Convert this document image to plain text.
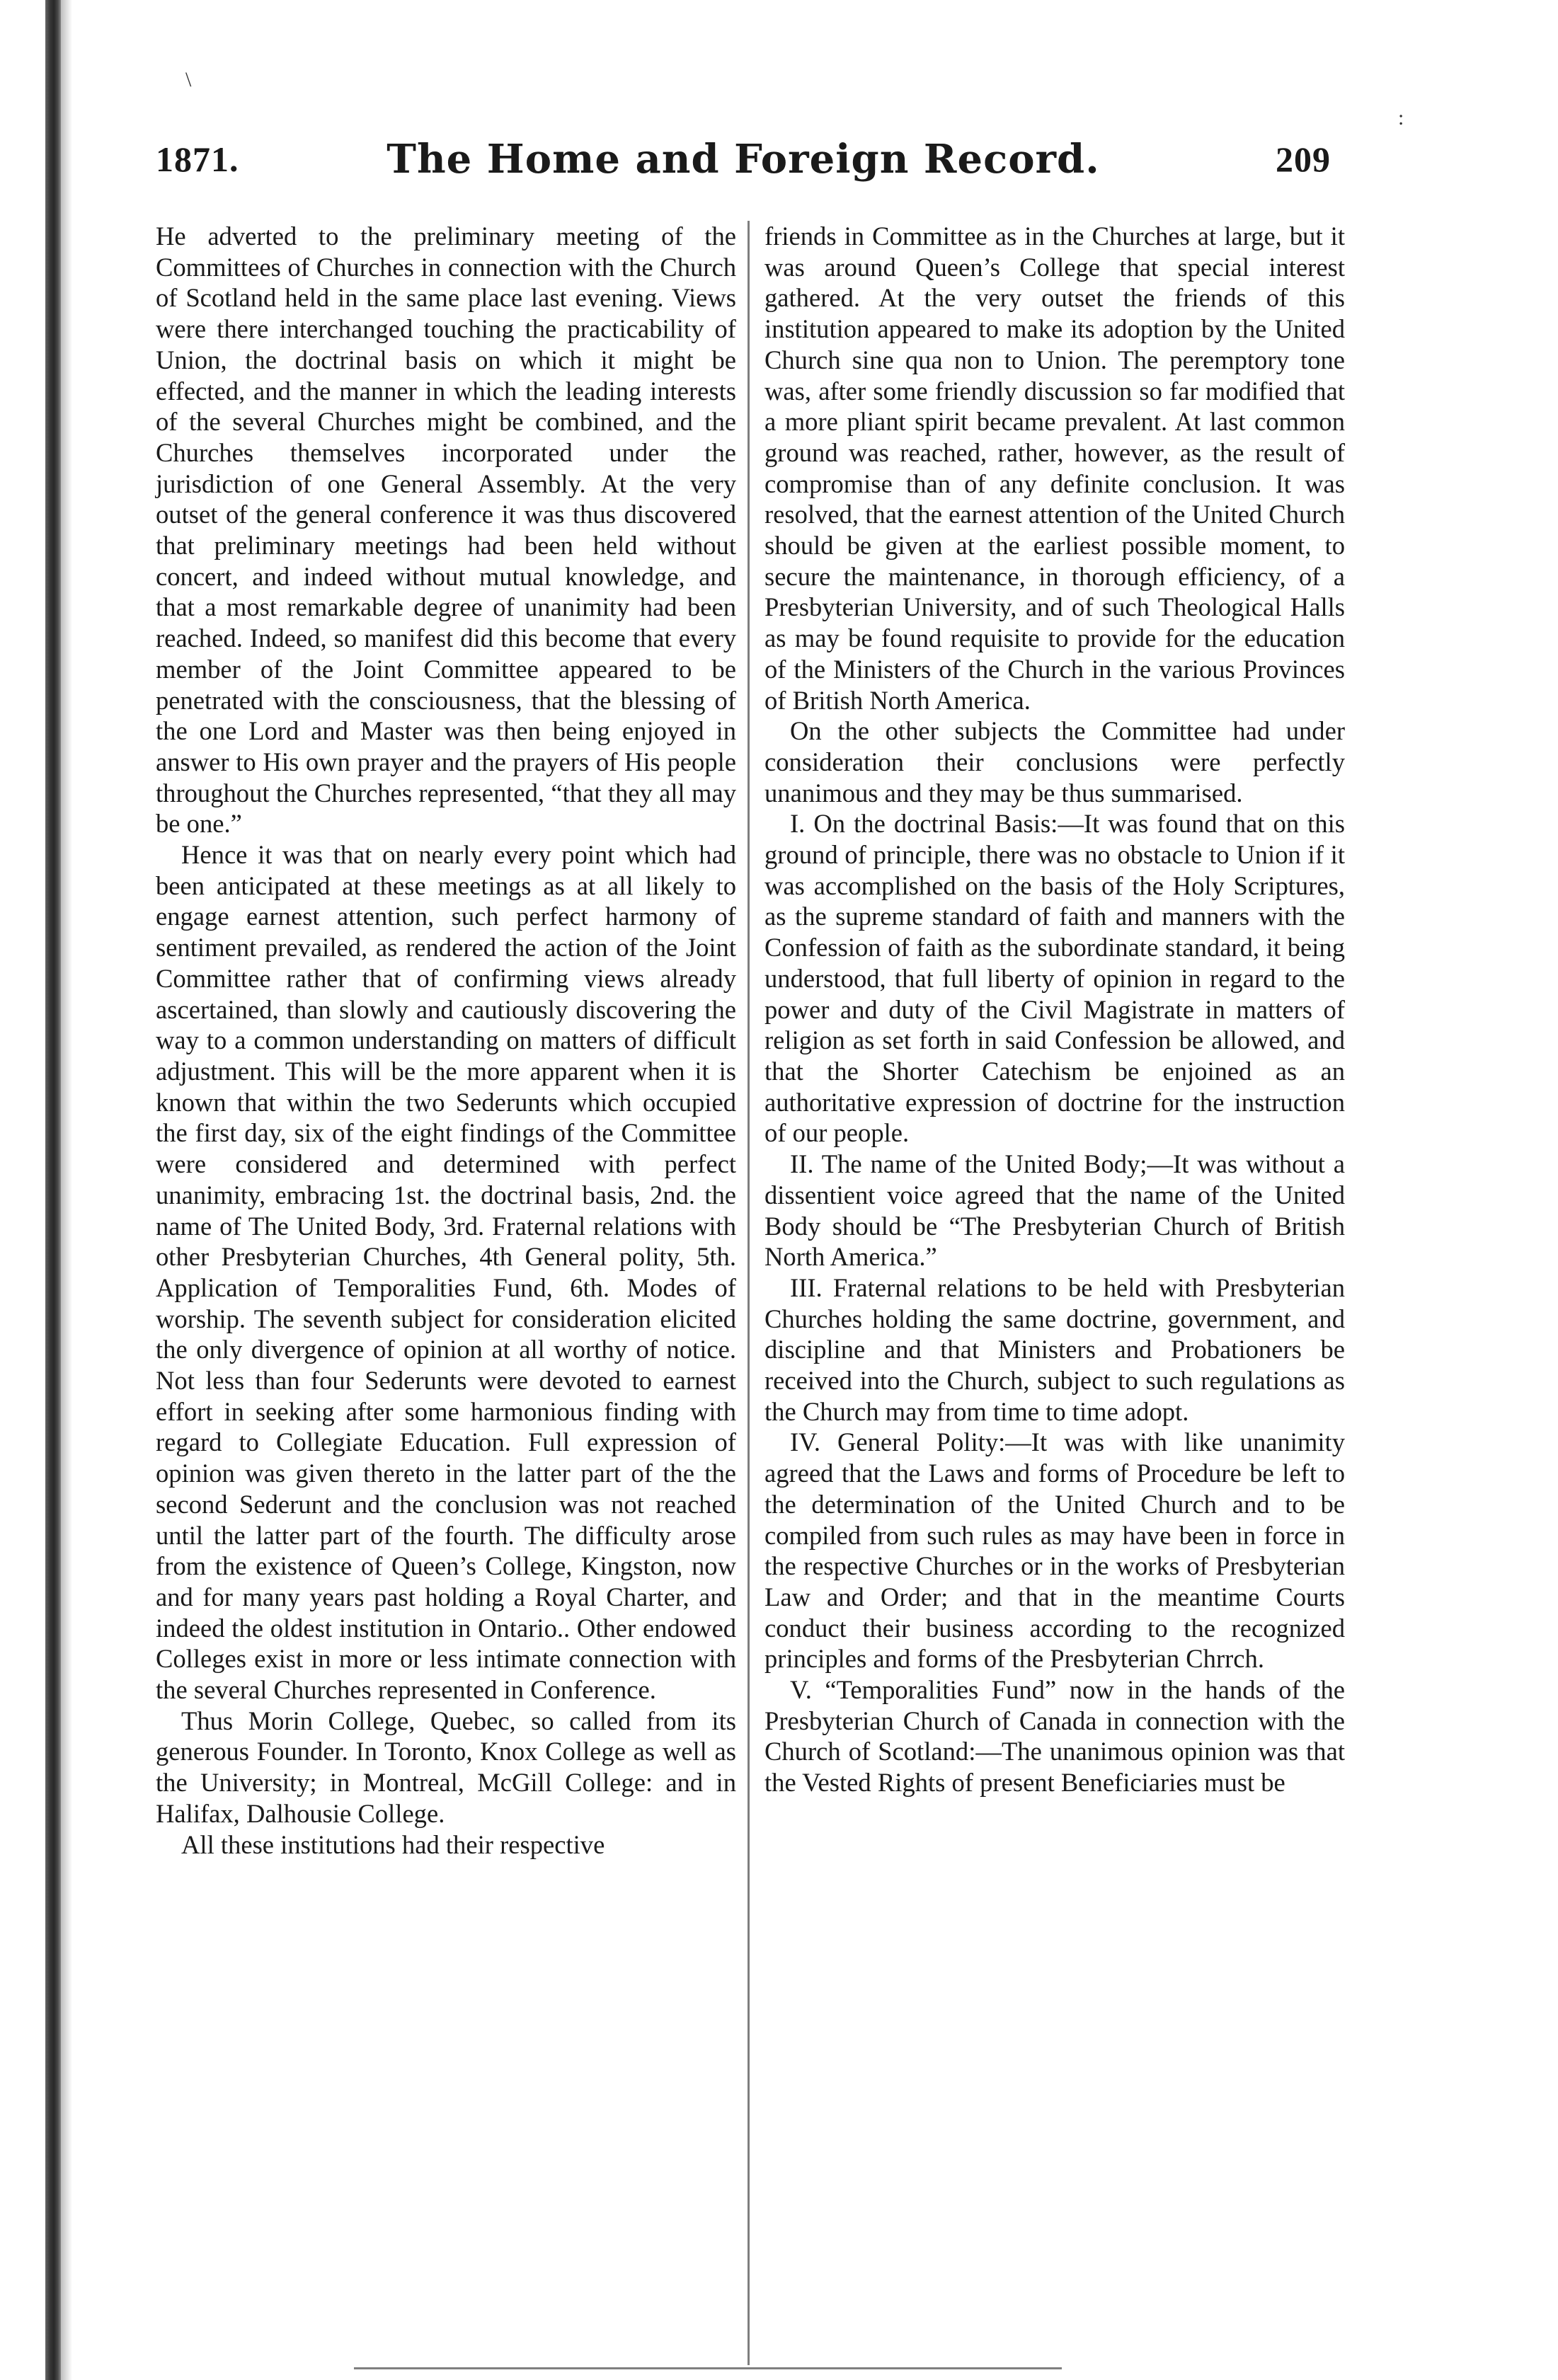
\
:
1871.	The Home and Foreign Record.	209

He adverted to the preliminary meeting of the Committees of Churches in connection with the Church of Scotland held in the same place last evening. Views were there interchanged touching the practicability of Union, the doctrinal basis on which it might be effected, and the manner in which the leading interests of the several Churches might be combined, and the Churches themselves incorporated under the jurisdiction of one General Assembly. At the very outset of the general conference it was thus discovered that preliminary meetings had been held without concert, and indeed without mutual knowledge, and that a most remarkable degree of unanimity had been reached. Indeed, so manifest did this become that every member of the Joint Committee appeared to be penetrated with the consciousness, that the blessing of the one Lord and Master was then being enjoyed in answer to His own prayer and the prayers of His people throughout the Churches represented, “that they all may be one.”

Hence it was that on nearly every point which had been anticipated at these meetings as at all likely to engage earnest attention, such perfect harmony of sentiment prevailed, as rendered the action of the Joint Committee rather that of confirming views already ascertained, than slowly and cautiously discovering the way to a common understanding on matters of difficult adjustment. This will be the more apparent when it is known that within the two Sederunts which occupied the first day, six of the eight findings of the Committee were considered and determined with perfect unanimity, embracing 1st. the doctrinal basis, 2nd. the name of The United Body, 3rd. Fraternal relations with other Presbyterian Churches, 4th General polity, 5th. Application of Temporalities Fund, 6th. Modes of worship. The seventh subject for consideration elicited the only divergence of opinion at all worthy of notice. Not less than four Sederunts were devoted to earnest effort in seeking after some harmonious finding with regard to Collegiate Education. Full expression of opinion was given thereto in the latter part of the the second Sederunt and the conclusion was not reached until the latter part of the fourth. The difficulty arose from the existence of Queen’s College, Kingston, now and for many years past holding a Royal Charter, and indeed the oldest institution in Ontario.. Other endowed Colleges exist in more or less intimate connection with the several Churches represented in Conference.

Thus Morin College, Quebec, so called from its generous Founder. In Toronto, Knox College as well as the University; in Montreal, McGill College: and in Halifax, Dalhousie College.

All these institutions had their respective

friends in Committee as in the Churches at large, but it was around Queen’s College that special interest gathered. At the very outset the friends of this institution appeared to make its adoption by the United Church sine qua non to Union. The peremptory tone was, after some friendly discussion so far modified that a more pliant spirit became prevalent. At last common ground was reached, rather, however, as the result of compromise than of any definite conclusion. It was resolved, that the earnest attention of the United Church should be given at the earliest possible moment, to secure the maintenance, in thorough efficiency, of a Presbyterian University, and of such Theological Halls as may be found requisite to provide for the education of the Ministers of the Church in the various Provinces of British North America.

On the other subjects the Committee had under consideration their conclusions were perfectly unanimous and they may be thus summarised.

I. On the doctrinal Basis:—It was found that on this ground of principle, there was no obstacle to Union if it was accomplished on the basis of the Holy Scriptures, as the supreme standard of faith and manners with the Confession of faith as the subordinate standard, it being understood, that full liberty of opinion in regard to the power and duty of the Civil Magistrate in matters of religion as set forth in said Confession be allowed, and that the Shorter Catechism be enjoined as an authoritative expression of doctrine for the instruction of our people.

II. The name of the United Body;—It was without a dissentient voice agreed that the name of the United Body should be “The Presbyterian Church of British North America.”

III. Fraternal relations to be held with Presbyterian Churches holding the same doctrine, government, and discipline and that Ministers and Probationers be received into the Church, subject to such regulations as the Church may from time to time adopt.

IV. General Polity:—It was with like unanimity agreed that the Laws and forms of Procedure be left to the determination of the United Church and to be compiled from such rules as may have been in force in the respective Churches or in the works of Presbyterian Law and Order; and that in the meantime Courts conduct their business according to the recognized principles and forms of the Presbyterian Chrrch.

V. “Temporalities Fund” now in the hands of the Presbyterian Church of Canada in connection with the Church of Scotland:—The unanimous opinion was that the Vested Rights of present Beneficiaries must be
